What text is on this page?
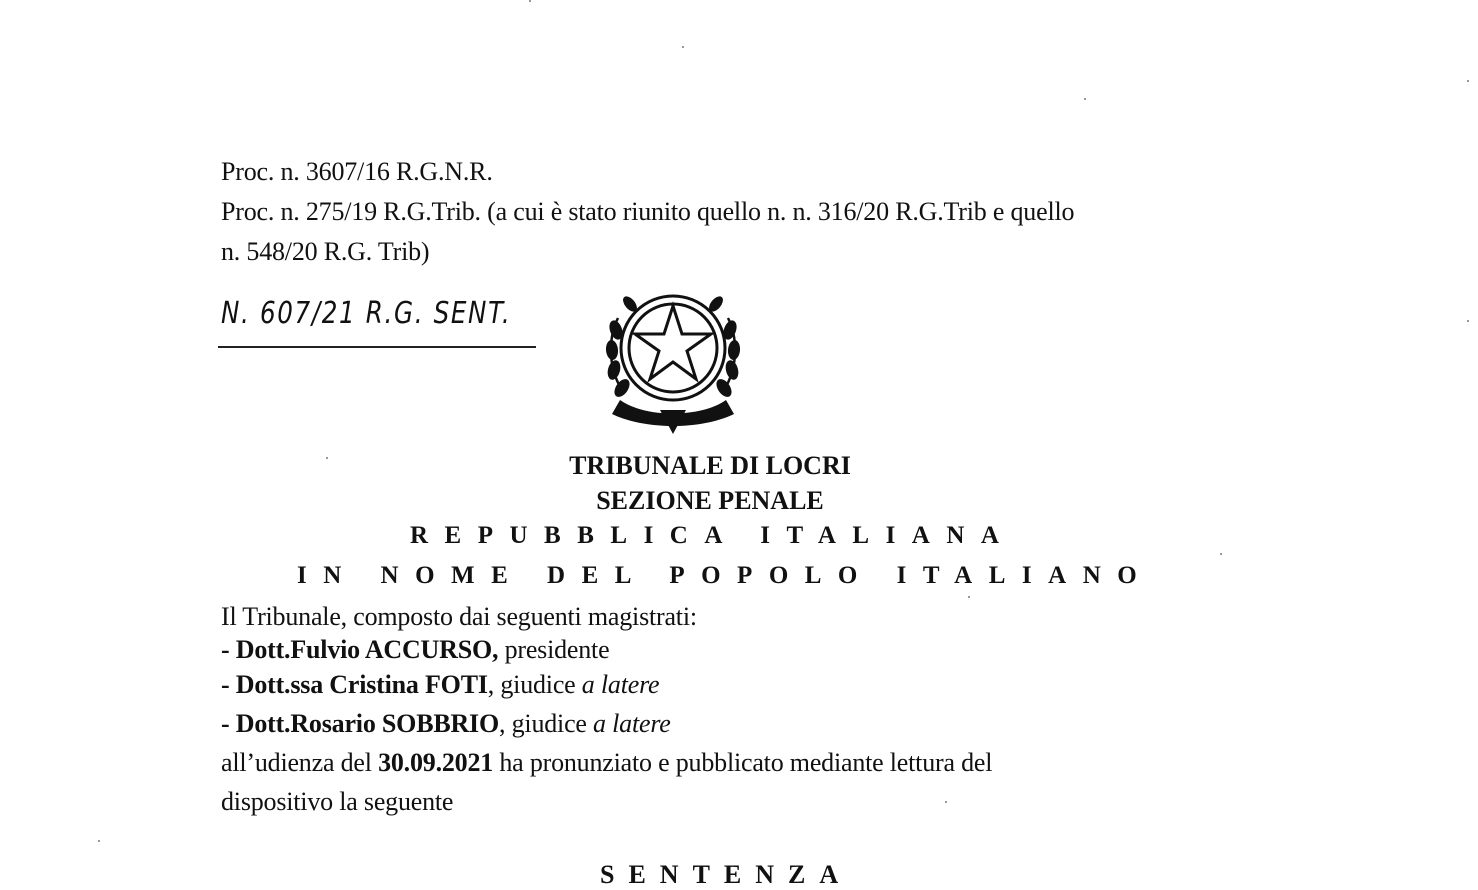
Proc. n. 3607/16 R.G.N.R.
Proc. n. 275/19 R.G.Trib. (a cui è stato riunito quello n. n. 316/20 R.G.Trib e quello
n. 548/20 R.G. Trib)
N. 607/21 R.G. SENT.
TRIBUNALE DI LOCRI
SEZIONE PENALE
REPUBBLICA ITALIANA
IN NOME DEL POPOLO ITALIANO
Il Tribunale, composto dai seguenti magistrati:
- Dott.Fulvio ACCURSO, presidente
- Dott.ssa Cristina FOTI, giudice a latere
- Dott.Rosario SOBBRIO, giudice a latere
all’udienza del 30.09.2021 ha pronunziato e pubblicato mediante lettura del
dispositivo la seguente
SENTENZA
